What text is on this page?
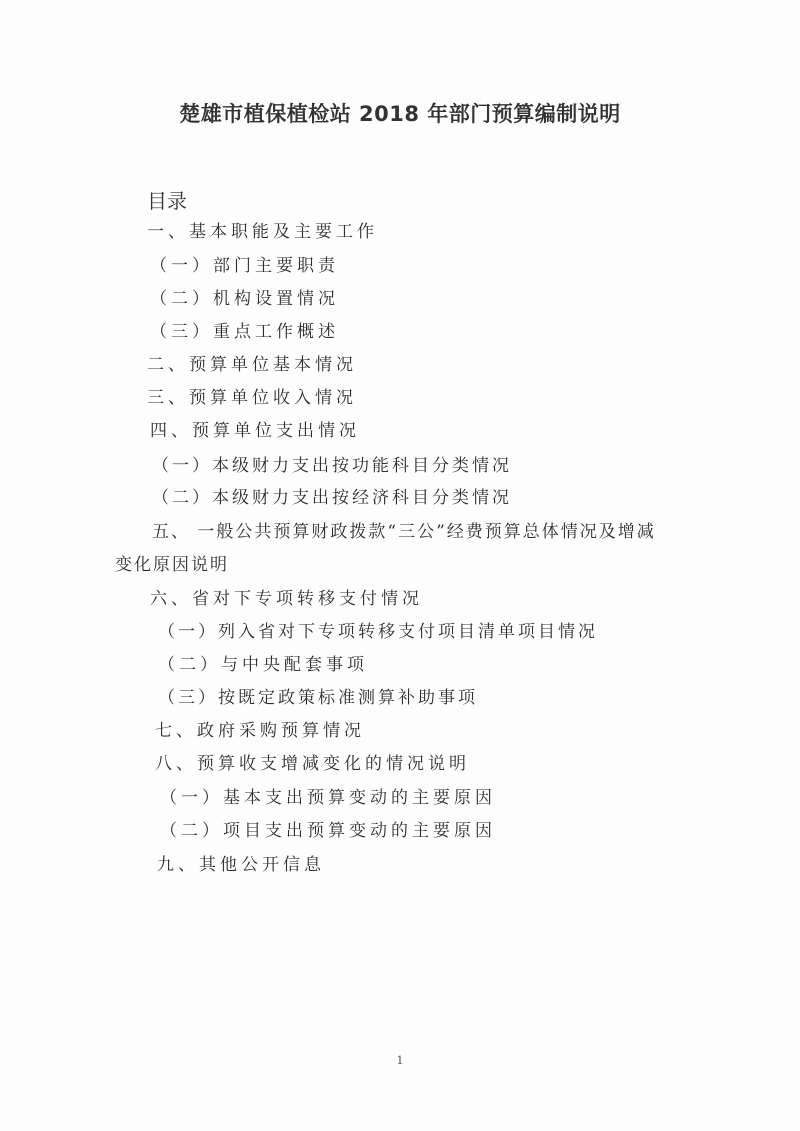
楚雄市植保植检站 2018 年部门预算编制说明
目录
一、基本职能及主要工作
（一）部门主要职责
（二）机构设置情况
（三）重点工作概述
二、预算单位基本情况
三、预算单位收入情况
四、预算单位支出情况
（一）本级财力支出按功能科目分类情况
（二）本级财力支出按经济科目分类情况
五、 一般公共预算财政拨款“三公”经费预算总体情况及增减
变化原因说明
六、省对下专项转移支付情况
（一）列入省对下专项转移支付项目清单项目情况
（二）与中央配套事项
（三）按既定政策标准测算补助事项
七、政府采购预算情况
八、预算收支增减变化的情况说明
（一）基本支出预算变动的主要原因
（二）项目支出预算变动的主要原因
九、其他公开信息
1
